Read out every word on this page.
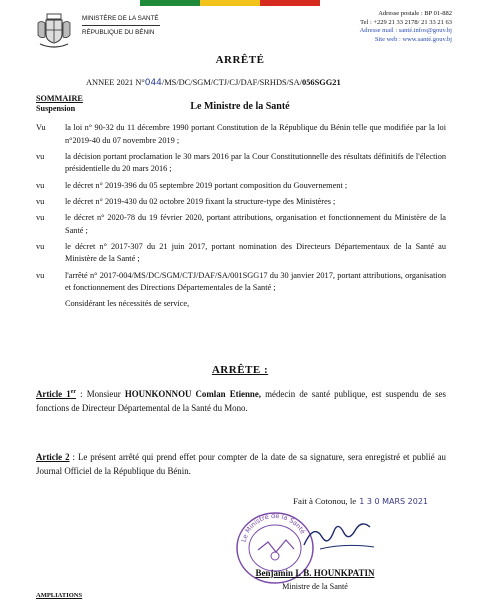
MINISTÈRE DE LA SANTÉ
RÉPUBLIQUE DU BÉNIN
Adresse postale : BP 01-882
Tel : +229 21 33 2178/ 21 33 21 63
Adresse mail : santé.infos@gouv.bj
Site web : www.santé.gouv.bj
ARRÊTÉ
ANNEE 2021 N°044/MS/DC/SGM/CTJ/CJ/DAF/SRHDS/SA/056SGG21
SOMMAIRE
Suspension	Le Ministre de la Santé
Vu	la loi n° 90-32 du 11 décembre 1990 portant Constitution de la République du Bénin telle que modifiée par la loi n°2019-40 du 07 novembre 2019 ;
vu	la décision portant proclamation le 30 mars 2016 par la Cour Constitutionnelle des résultats définitifs de l'élection présidentielle du 20 mars 2016 ;
vu	le décret n° 2019-396 du 05 septembre 2019 portant composition du Gouvernement ;
vu	le décret n° 2019-430 du 02 octobre 2019 fixant la structure-type des Ministères ;
vu	le décret n° 2020-78 du 19 février 2020, portant attributions, organisation et fonctionnement du Ministère de la Santé ;
vu	le décret n° 2017-307 du 21 juin 2017, portant nomination des Directeurs Départementaux de la Santé au Ministère de la Santé ;
vu	l'arrêté n° 2017-004/MS/DC/SGM/CTJ/DAF/SA/001SGG17 du 30 janvier 2017, portant attributions, organisation et fonctionnement des Directions Départementales de la Santé ;
Considérant les nécessités de service,
ARRÊTE :
Article 1er : Monsieur HOUNKONNOU Comlan Etienne, médecin de santé publique, est suspendu de ses fonctions de Directeur Départemental de la Santé du Mono.
Article 2 : Le présent arrêté qui prend effet pour compter de la date de sa signature, sera enregistré et publié au Journal Officiel de la République du Bénin.
Fait à Cotonou, le 1 3 0 MARS 2021
Le Ministre de la Santé
Benjamin I. B. HOUNKPATIN
Ministre de la Santé
AMPLIATIONS
